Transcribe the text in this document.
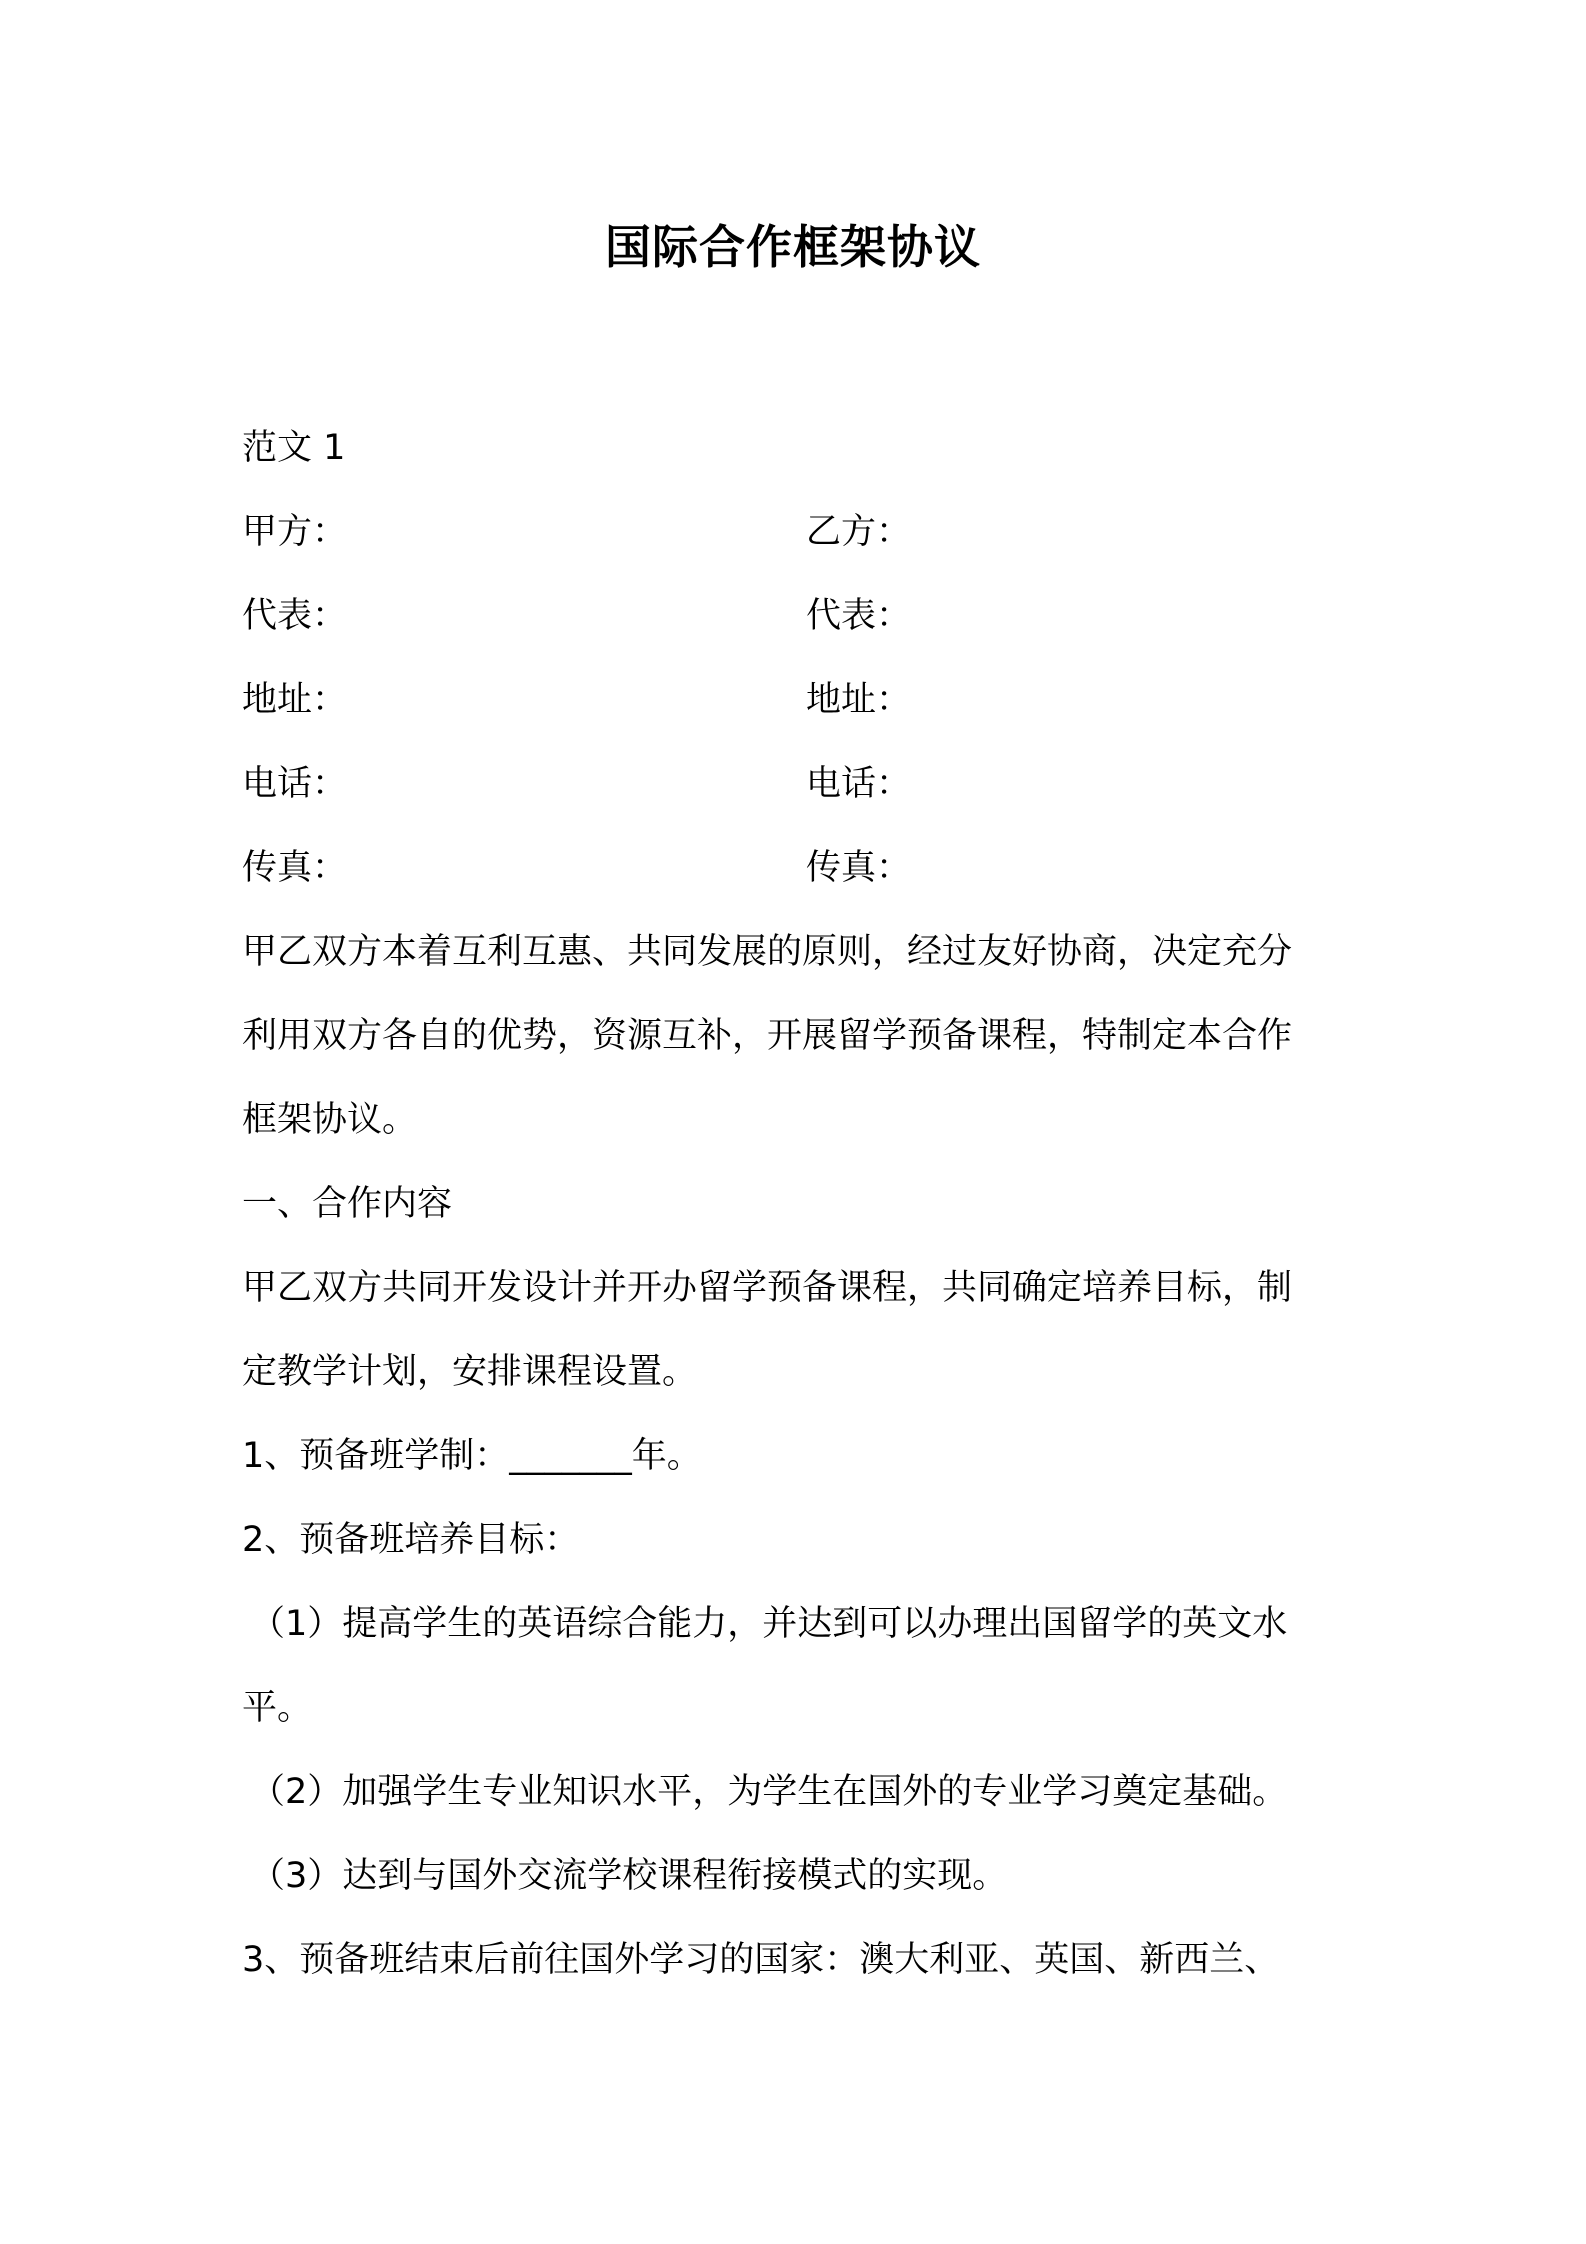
国际合作框架协议
范文 1
甲方：	乙方：
代表：	代表：
地址：	地址：
电话：	电话：
传真：	传真：
甲乙双方本着互利互惠、共同发展的原则，经过友好协商，决定充分
利用双方各自的优势，资源互补，开展留学预备课程，特制定本合作
框架协议。
一、合作内容
甲乙双方共同开发设计并开办留学预备课程，共同确定培养目标，制
定教学计划，安排课程设置。
1、预备班学制：_______年。
2、预备班培养目标：
（1）提高学生的英语综合能力，并达到可以办理出国留学的英文水
平。
（2）加强学生专业知识水平，为学生在国外的专业学习奠定基础。
（3）达到与国外交流学校课程衔接模式的实现。
3、预备班结束后前往国外学习的国家：澳大利亚、英国、新西兰、
